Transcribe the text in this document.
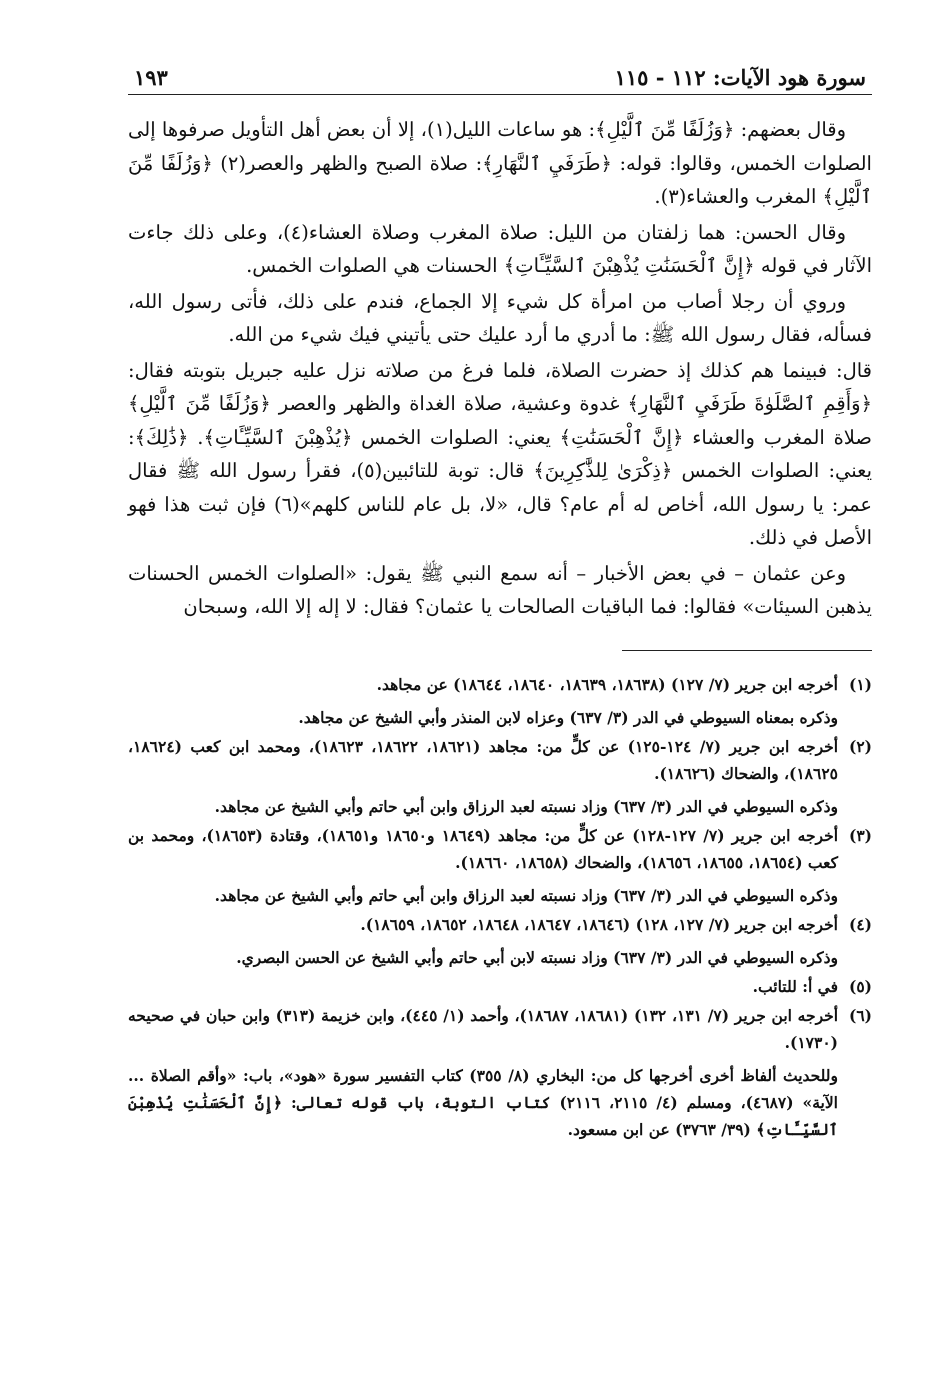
سورة هود الآيات: ١١٢ - ١١٥
١٩٣

وقال بعضهم: ﴿وَزُلَفًا مِّنَ ٱلَّيْلِ﴾: هو ساعات الليل(١)، إلا أن بعض أهل التأويل صرفوها إلى الصلوات الخمس، وقالوا: قوله: ﴿طَرَفَيِ ٱلنَّهَارِ﴾: صلاة الصبح والظهر والعصر(٢) ﴿وَزُلَفًا مِّنَ ٱلَّيْلِ﴾ المغرب والعشاء(٣).

وقال الحسن: هما زلفتان من الليل: صلاة المغرب وصلاة العشاء(٤)، وعلى ذلك جاءت الآثار في قوله ﴿إِنَّ ٱلْحَسَنَٰتِ يُذْهِبْنَ ٱلسَّيِّـَٔاتِ﴾ الحسنات هي الصلوات الخمس.

وروي أن رجلا أصاب من امرأة كل شيء إلا الجماع، فندم على ذلك، فأتى رسول الله، فسأله، فقال رسول الله ﷺ: ما أدري ما أرد عليك حتى يأتيني فيك شيء من الله.

قال: فبينما هم كذلك إذ حضرت الصلاة، فلما فرغ من صلاته نزل عليه جبريل بتوبته فقال: ﴿وَأَقِمِ ٱلصَّلَوٰةَ طَرَفَيِ ٱلنَّهَارِ﴾ غدوة وعشية، صلاة الغداة والظهر والعصر ﴿وَزُلَفًا مِّنَ ٱلَّيْلِ﴾ صلاة المغرب والعشاء ﴿إِنَّ ٱلْحَسَنَٰتِ﴾ يعني: الصلوات الخمس ﴿يُذْهِبْنَ ٱلسَّيِّـَٔاتِ﴾. ﴿ذَٰلِكَ﴾: يعني: الصلوات الخمس ﴿ذِكْرَىٰ لِلذَّٰكِرِينَ﴾ قال: توبة للتائبين(٥)، فقرأ رسول الله ﷺ فقال عمر: يا رسول الله، أخاص له أم عام؟ قال، «لا، بل عام للناس كلهم»(٦) فإن ثبت هذا فهو الأصل في ذلك.

وعن عثمان – في بعض الأخبار – أنه سمع النبي ﷺ يقول: «الصلوات الخمس الحسنات يذهبن السيئات» فقالوا: فما الباقيات الصالحات يا عثمان؟ فقال: لا إله إلا الله، وسبحان

(١)
أخرجه ابن جرير (٧/ ١٢٧) (١٨٦٣٨، ١٨٦٣٩، ١٨٦٤٠، ١٨٦٤٤) عن مجاهد.
وذكره بمعناه السيوطي في الدر (٣/ ٦٣٧) وعزاه لابن المنذر وأبي الشيخ عن مجاهد.
(٢)
أخرجه ابن جرير (٧/ ١٢٤-١٢٥) عن كلٍّ من: مجاهد (١٨٦٢١، ١٨٦٢٢، ١٨٦٢٣)، ومحمد ابن كعب (١٨٦٢٤، ١٨٦٢٥)، والضحاك (١٨٦٢٦).
وذكره السيوطي في الدر (٣/ ٦٣٧) وزاد نسبته لعبد الرزاق وابن أبي حاتم وأبي الشيخ عن مجاهد.
(٣)
أخرجه ابن جرير (٧/ ١٢٧-١٢٨) عن كلٍّ من: مجاهد (١٨٦٤٩ و١٨٦٥٠ و١٨٦٥١)، وقتادة (١٨٦٥٣)، ومحمد بن كعب (١٨٦٥٤، ١٨٦٥٥، ١٨٦٥٦)، والضحاك (١٨٦٥٨، ١٨٦٦٠).
وذكره السيوطي في الدر (٣/ ٦٣٧) وزاد نسبته لعبد الرزاق وابن أبي حاتم وأبي الشيخ عن مجاهد.
(٤)
أخرجه ابن جرير (٧/ ١٢٧، ١٢٨) (١٨٦٤٦، ١٨٦٤٧، ١٨٦٤٨، ١٨٦٥٢، ١٨٦٥٩).
وذكره السيوطي في الدر (٣/ ٦٣٧) وزاد نسبته لابن أبي حاتم وأبي الشيخ عن الحسن البصري.
(٥)
في أ: للتائب.
(٦)
أخرجه ابن جرير (٧/ ١٣١، ١٣٢) (١٨٦٨١، ١٨٦٨٧)، وأحمد (١/ ٤٤٥)، وابن خزيمة (٣١٣) وابن حبان في صحيحه (١٧٣٠).
وللحديث ألفاظ أخرى أخرجها كل من: البخاري (٨/ ٣٥٥) كتاب التفسير سورة «هود»، باب: «وأقم الصلاة ... الآية» (٤٦٨٧)، ومسلم (٤/ ٢١١٥، ٢١١٦) كتاب التوبة، باب قوله تعالى: ﴿إِنَّ ٱلْحَسَنَٰتِ يُذْهِبْنَ ٱلسَّيِّـَٔاتِ﴾ (٣٩/ ٣٧٦٣) عن ابن مسعود.
